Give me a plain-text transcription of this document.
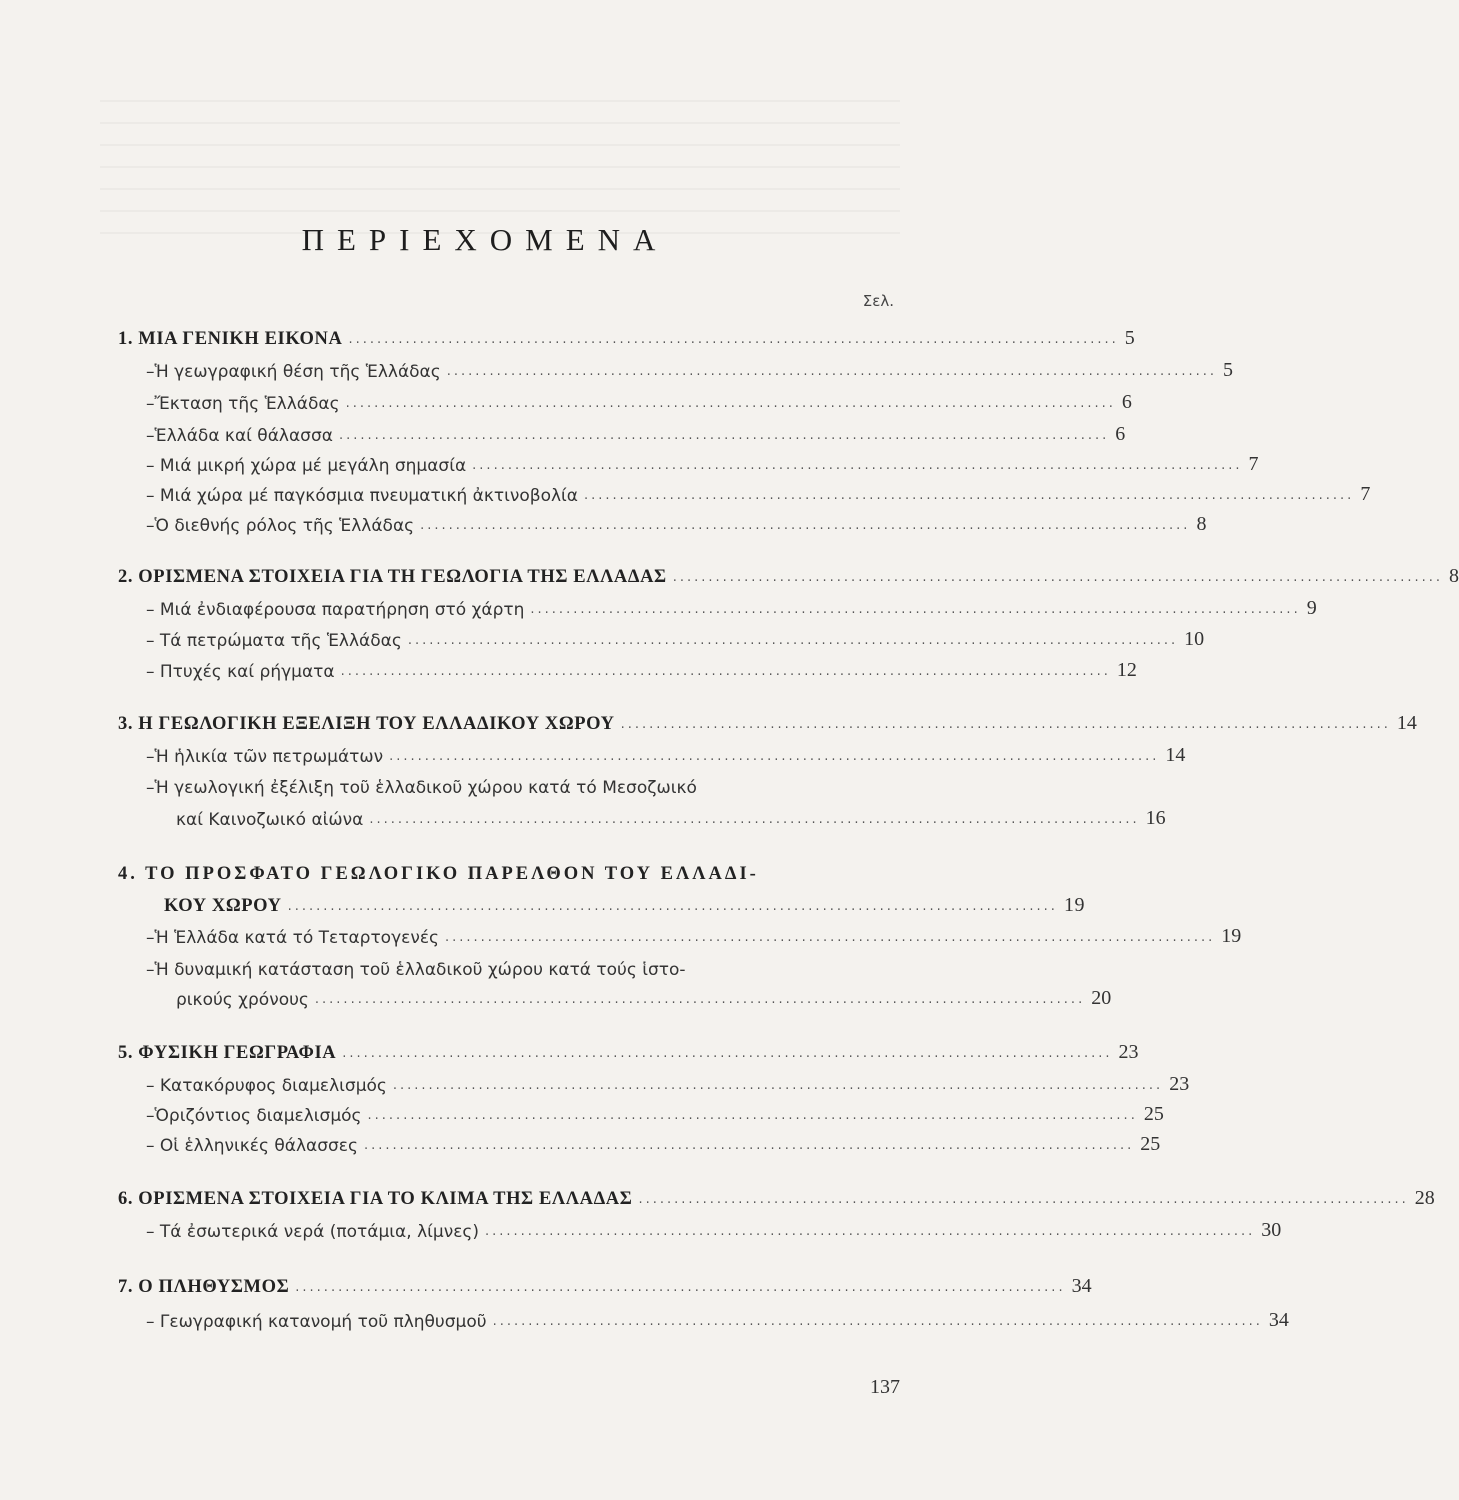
ΠΕΡΙΕΧΟΜΕΝΑ
Σελ.
1. ΜΙΑ ΓΕΝΙΚΗ ΕΙΚΟΝΑ ............................................................................................................ 5
–Ἡ γεωγραφική θέση τῆς Ἑλλάδας ............................................................................................................ 5
–Ἔκταση τῆς Ἑλλάδας ............................................................................................................ 6
–Ἑλλάδα καί θάλασσα ............................................................................................................ 6
– Μιά μικρή χώρα μέ μεγάλη σημασία ............................................................................................................ 7
– Μιά χώρα μέ παγκόσμια πνευματική ἀκτινοβολία ............................................................................................................ 7
–Ὁ διεθνής ρόλος τῆς Ἑλλάδας ............................................................................................................ 8
2. ΟΡΙΣΜΕΝΑ ΣΤΟΙΧΕΙΑ ΓΙΑ ΤΗ ΓΕΩΛΟΓΙΑ ΤΗΣ ΕΛΛΑΔΑΣ ............................................................................................................ 8
– Μιά ἐνδιαφέρουσα παρατήρηση στό χάρτη ............................................................................................................ 9
– Τά πετρώματα τῆς Ἑλλάδας ............................................................................................................ 10
– Πτυχές καί ρήγματα ............................................................................................................ 12
3. Η ΓΕΩΛΟΓΙΚΗ ΕΞΕΛΙΞΗ ΤΟΥ ΕΛΛΑΔΙΚΟΥ ΧΩΡΟΥ ............................................................................................................ 14
–Ἡ ἡλικία τῶν πετρωμάτων ............................................................................................................ 14
–Ἡ γεωλογική ἐξέλιξη τοῦ ἑλλαδικοῦ χώρου κατά τό Μεσοζωικό
καί Καινοζωικό αἰώνα ............................................................................................................ 16
4. ΤΟ ΠΡΟΣΦΑΤΟ ΓΕΩΛΟΓΙΚΟ ΠΑΡΕΛΘΟΝ ΤΟΥ ΕΛΛΑΔΙ-
ΚΟΥ ΧΩΡΟΥ ............................................................................................................ 19
–Ἡ Ἑλλάδα κατά τό Τεταρτογενές ............................................................................................................ 19
–Ἡ δυναμική κατάσταση τοῦ ἑλλαδικοῦ χώρου κατά τούς ἱστο-
ρικούς χρόνους ............................................................................................................ 20
5. ΦΥΣΙΚΗ ΓΕΩΓΡΑΦΙΑ ............................................................................................................ 23
– Κατακόρυφος διαμελισμός ............................................................................................................ 23
–Ὁριζόντιος διαμελισμός ............................................................................................................ 25
– Οἱ ἑλληνικές θάλασσες ............................................................................................................ 25
6. ΟΡΙΣΜΕΝΑ ΣΤΟΙΧΕΙΑ ΓΙΑ ΤΟ ΚΛΙΜΑ ΤΗΣ ΕΛΛΑΔΑΣ ............................................................................................................ 28
– Τά ἐσωτερικά νερά (ποτάμια, λίμνες) ............................................................................................................ 30
7. Ο ΠΛΗΘΥΣΜΟΣ ............................................................................................................ 34
– Γεωγραφική κατανομή τοῦ πληθυσμοῦ ............................................................................................................ 34
137
